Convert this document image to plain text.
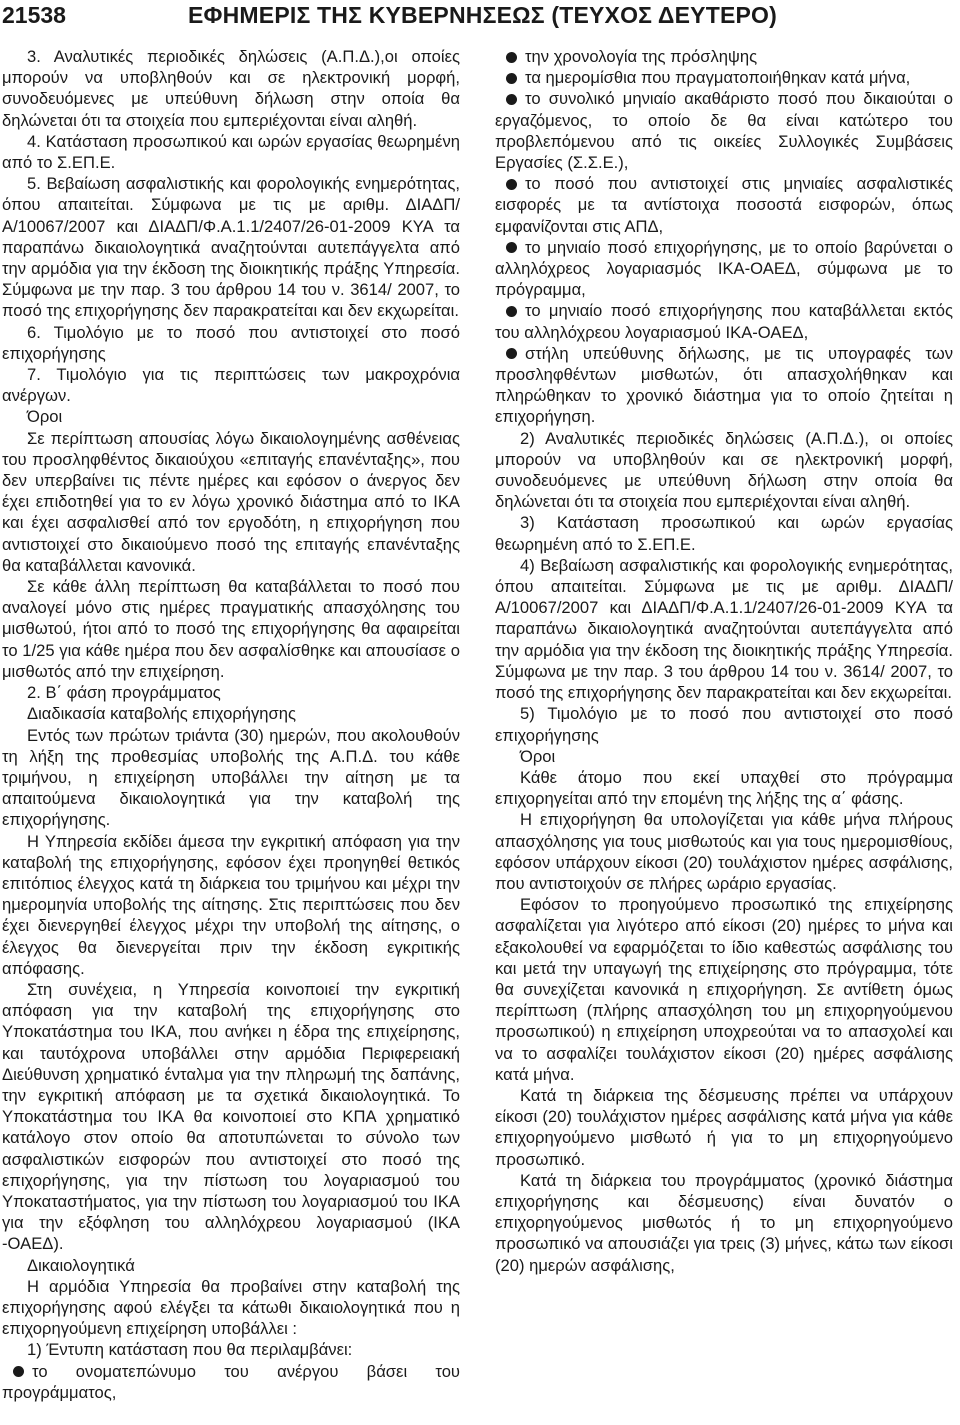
21538	ΕΦΗΜΕΡΙΣ ΤΗΣ ΚΥΒΕΡΝΗΣΕΩΣ (ΤΕΥΧΟΣ ΔΕΥΤΕΡΟ)

3. Αναλυτικές περιοδικές δηλώσεις (Α.Π.Δ.),οι οποίες μπορούν να υποβληθούν και σε ηλεκτρονική μορφή, συνοδευόμενες με υπεύθυνη δήλωση στην οποία θα δηλώνεται ότι τα στοιχεία που εμπεριέχονται είναι αληθή.

4. Κατάσταση προσωπικού και ωρών εργασίας θεωρημένη από το Σ.ΕΠ.Ε.

5. Βεβαίωση ασφαλιστικής και φορολογικής ενημερότητας, όπου απαιτείται. Σύμφωνα με τις με αριθμ. ΔΙΑΔΠ/Α/10067/2007 και ΔΙΑΔΠ/Φ.Α.1.1/2407/26-01-2009 ΚΥΑ τα παραπάνω δικαιολογητικά αναζητούνται αυτεπάγγελτα από την αρμόδια για την έκδοση της διοικητικής πράξης Υπηρεσία. Σύμφωνα με την παρ. 3 του άρθρου 14 του ν. 3614/ 2007, το ποσό της επιχορήγησης δεν παρακρατείται και δεν εκχωρείται.

6. Τιμολόγιο με το ποσό που αντιστοιχεί στο ποσό επιχορήγησης

7. Τιμολόγιο για τις περιπτώσεις των μακροχρόνια ανέργων.

Όροι

Σε περίπτωση απουσίας λόγω δικαιολογημένης ασθένειας του προσληφθέντος δικαιούχου «επιταγής επανένταξης», που δεν υπερβαίνει τις πέντε ημέρες και εφόσον ο άνεργος δεν έχει επιδοτηθεί για το εν λόγω χρονικό διάστημα από το ΙΚΑ και έχει ασφαλισθεί από τον εργοδότη, η επιχορήγηση που αντιστοιχεί στο δικαιούμενο ποσό της επιταγής επανένταξης θα καταβάλλεται κανονικά.

Σε κάθε άλλη περίπτωση θα καταβάλλεται το ποσό που αναλογεί μόνο στις ημέρες πραγματικής απασχόλησης του μισθωτού, ήτοι από το ποσό της επιχορήγησης θα αφαιρείται το 1/25 για κάθε ημέρα που δεν ασφαλίσθηκε και απουσίασε ο μισθωτός από την επιχείρηση.

2. Β΄ φάση προγράμματος

Διαδικασία καταβολής επιχορήγησης

Εντός των πρώτων τριάντα (30) ημερών, που ακολουθούν τη λήξη της προθεσμίας υποβολής της Α.Π.Δ. του κάθε τριμήνου, η επιχείρηση υποβάλλει την αίτηση με τα απαιτούμενα δικαιολογητικά για την καταβολή της επιχορήγησης.

Η Υπηρεσία εκδίδει άμεσα την εγκριτική απόφαση για την καταβολή της επιχορήγησης, εφόσον έχει προηγηθεί θετικός επιτόπιος έλεγχος κατά τη διάρκεια του τριμήνου και μέχρι την ημερομηνία υποβολής της αίτησης. Στις περιπτώσεις που δεν έχει διενεργηθεί έλεγχος μέχρι την υποβολή της αίτησης, ο έλεγχος θα διενεργείται πριν την έκδοση εγκριτικής απόφασης.

Στη συνέχεια, η Υπηρεσία κοινοποιεί την εγκριτική απόφαση για την καταβολή της επιχορήγησης στο Υποκατάστημα του ΙΚΑ, που ανήκει η έδρα της επιχείρησης, και ταυτόχρονα υποβάλλει στην αρμόδια Περιφερειακή Διεύθυνση χρηματικό ένταλμα για την πληρωμή της δαπάνης, την εγκριτική απόφαση με τα σχετικά δικαιολογητικά. Το Υποκατάστημα του ΙΚΑ θα κοινοποιεί στο ΚΠΑ χρηματικό κατάλογο στον οποίο θα αποτυπώνεται το σύνολο των ασφαλιστικών εισφορών που αντιστοιχεί στο ποσό της επιχορήγησης, για την πίστωση του λογαριασμού του Υποκαταστήματος, για την πίστωση του λογαριασμού του ΙΚΑ για την εξόφληση του αλληλόχρεου λογαριασμού (ΙΚΑ -ΟΑΕΔ).

Δικαιολογητικά

Η αρμόδια Υπηρεσία θα προβαίνει στην καταβολή της επιχορήγησης αφού ελέγξει τα κάτωθι δικαιολογητικά που η επιχορηγούμενη επιχείρηση υποβάλλει :

1) Έντυπη κατάσταση που θα περιλαμβάνει:

το ονοματεπώνυμο του ανέργου βάσει του προγράμματος,

την χρονολογία της πρόσληψης

τα ημερομίσθια που πραγματοποιήθηκαν κατά μήνα,

το συνολικό μηνιαίο ακαθάριστο ποσό που δικαιούται ο εργαζόμενος, το οποίο δε θα είναι κατώτερο του προβλεπόμενου από τις οικείες Συλλογικές Συμβάσεις Εργασίες (Σ.Σ.Ε.),

το ποσό που αντιστοιχεί στις μηνιαίες ασφαλιστικές εισφορές με τα αντίστοιχα ποσοστά εισφορών, όπως εμφανίζονται στις ΑΠΔ,

το μηνιαίο ποσό επιχορήγησης, με το οποίο βαρύνεται ο αλληλόχρεος λογαριασμός ΙΚΑ-ΟΑΕΔ, σύμφωνα με το πρόγραμμα,

το μηνιαίο ποσό επιχορήγησης που καταβάλλεται εκτός του αλληλόχρεου λογαριασμού ΙΚΑ-ΟΑΕΔ,

στήλη υπεύθυνης δήλωσης, με τις υπογραφές των προσληφθέντων μισθωτών, ότι απασχολήθηκαν και πληρώθηκαν το χρονικό διάστημα για το οποίο ζητείται η επιχορήγηση.

2) Αναλυτικές περιοδικές δηλώσεις (Α.Π.Δ.), οι οποίες μπορούν να υποβληθούν και σε ηλεκτρονική μορφή, συνοδευόμενες με υπεύθυνη δήλωση στην οποία θα δηλώνεται ότι τα στοιχεία που εμπεριέχονται είναι αληθή.

3) Κατάσταση προσωπικού και ωρών εργασίας θεωρημένη από το Σ.ΕΠ.Ε.

4) Βεβαίωση ασφαλιστικής και φορολογικής ενημερότητας, όπου απαιτείται. Σύμφωνα με τις με αριθμ. ΔΙΑΔΠ/Α/10067/2007 και ΔΙΑΔΠ/Φ.Α.1.1/2407/26-01-2009 ΚΥΑ τα παραπάνω δικαιολογητικά αναζητούνται αυτεπάγγελτα από την αρμόδια για την έκδοση της διοικητικής πράξης Υπηρεσία. Σύμφωνα με την παρ. 3 του άρθρου 14 του ν. 3614/ 2007, το ποσό της επιχορήγησης δεν παρακρατείται και δεν εκχωρείται.

5) Τιμολόγιο με το ποσό που αντιστοιχεί στο ποσό επιχορήγησης

Όροι

Κάθε άτομο που εκεί υπαχθεί στο πρόγραμμα επιχορηγείται από την επομένη της λήξης της α΄ φάσης.

Η επιχορήγηση θα υπολογίζεται για κάθε μήνα πλήρους απασχόλησης για τους μισθωτούς και για τους ημερομισθίους, εφόσον υπάρχουν είκοσι (20) τουλάχιστον ημέρες ασφάλισης, που αντιστοιχούν σε πλήρες ωράριο εργασίας.

Εφόσον το προηγούμενο προσωπικό της επιχείρησης ασφαλίζεται για λιγότερο από είκοσι (20) ημέρες το μήνα και εξακολουθεί να εφαρμόζεται το ίδιο καθεστώς ασφάλισης του και μετά την υπαγωγή της επιχείρησης στο πρόγραμμα, τότε θα συνεχίζεται κανονικά η επιχορήγηση. Σε αντίθετη όμως περίπτωση (πλήρης απασχόληση του μη επιχορηγούμενου προσωπικού) η επιχείρηση υποχρεούται να το απασχολεί και να το ασφαλίζει τουλάχιστον είκοσι (20) ημέρες ασφάλισης κατά μήνα.

Κατά τη διάρκεια της δέσμευσης πρέπει να υπάρχουν είκοσι (20) τουλάχιστον ημέρες ασφάλισης κατά μήνα για κάθε επιχορηγούμενο μισθωτό ή για το μη επιχορηγούμενο προσωπικό.

Κατά τη διάρκεια του προγράμματος (χρονικό διάστημα επιχορήγησης και δέσμευσης) είναι δυνατόν ο επιχορηγούμενος μισθωτός ή το μη επιχορηγούμενο προσωπικό να απουσιάζει για τρεις (3) μήνες, κάτω των είκοσι (20) ημερών ασφάλισης,
